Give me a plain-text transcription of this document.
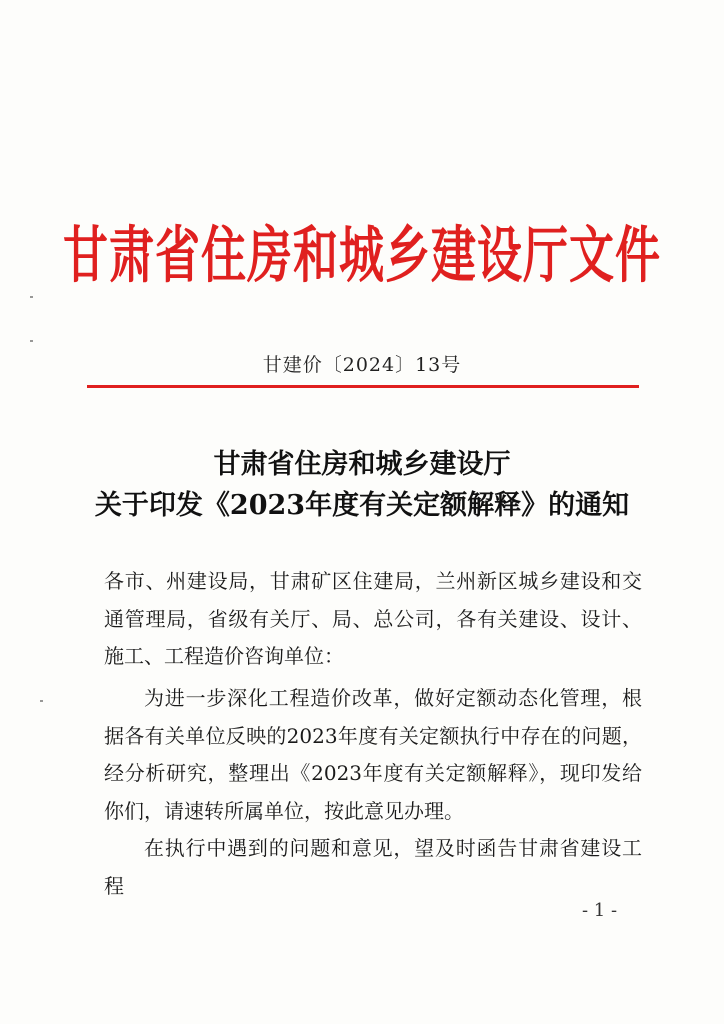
甘肃省住房和城乡建设厅文件
甘建价〔2024〕13号
甘肃省住房和城乡建设厅
关于印发《2023年度有关定额解释》的通知

各市、州建设局，甘肃矿区住建局，兰州新区城乡建设和交通管理局，省级有关厅、局、总公司，各有关建设、设计、施工、工程造价咨询单位：

为进一步深化工程造价改革，做好定额动态化管理，根据各有关单位反映的2023年度有关定额执行中存在的问题，经分析研究，整理出《2023年度有关定额解释》，现印发给你们，请速转所属单位，按此意见办理。

在执行中遇到的问题和意见，望及时函告甘肃省建设工程

- 1 -
